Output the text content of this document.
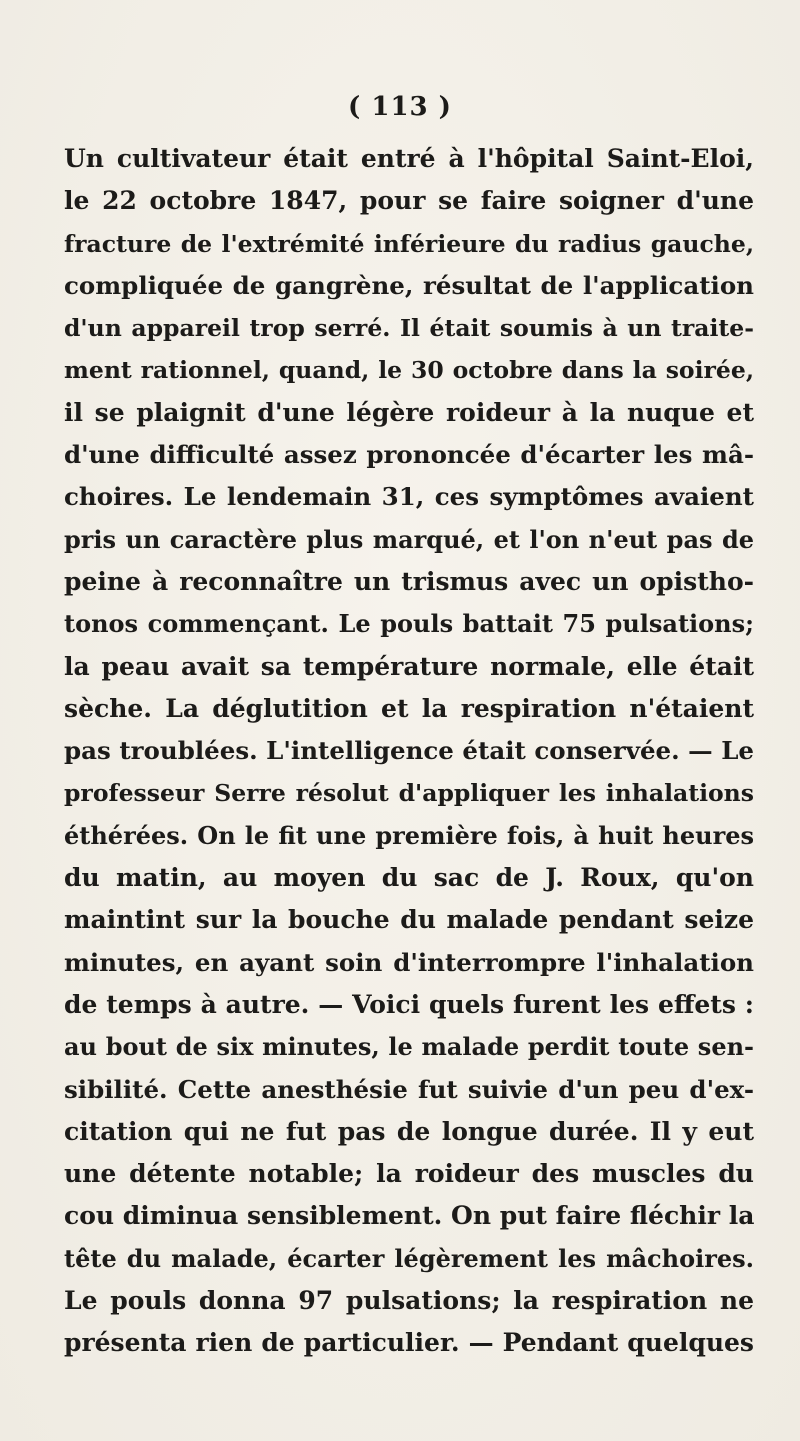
( 113 )
Un cultivateur était entré à l'hôpital Saint-Eloi,
le 22 octobre 1847, pour se faire soigner d'une
fracture de l'extrémité inférieure du radius gauche,
compliquée de gangrène, résultat de l'application
d'un appareil trop serré. Il était soumis à un traite-
ment rationnel, quand, le 30 octobre dans la soirée,
il se plaignit d'une légère roideur à la nuque et
d'une difficulté assez prononcée d'écarter les mâ-
choires. Le lendemain 31, ces symptômes avaient
pris un caractère plus marqué, et l'on n'eut pas de
peine à reconnaître un trismus avec un opistho-
tonos commençant. Le pouls battait 75 pulsations;
la peau avait sa température normale, elle était
sèche. La déglutition et la respiration n'étaient
pas troublées. L'intelligence était conservée. — Le
professeur Serre résolut d'appliquer les inhalations
éthérées. On le fit une première fois, à huit heures
du matin, au moyen du sac de J. Roux, qu'on
maintint sur la bouche du malade pendant seize
minutes, en ayant soin d'interrompre l'inhalation
de temps à autre. — Voici quels furent les effets :
au bout de six minutes, le malade perdit toute sen-
sibilité. Cette anesthésie fut suivie d'un peu d'ex-
citation qui ne fut pas de longue durée. Il y eut
une détente notable; la roideur des muscles du
cou diminua sensiblement. On put faire fléchir la
tête du malade, écarter légèrement les mâchoires.
Le pouls donna 97 pulsations; la respiration ne
présenta rien de particulier. — Pendant quelques
